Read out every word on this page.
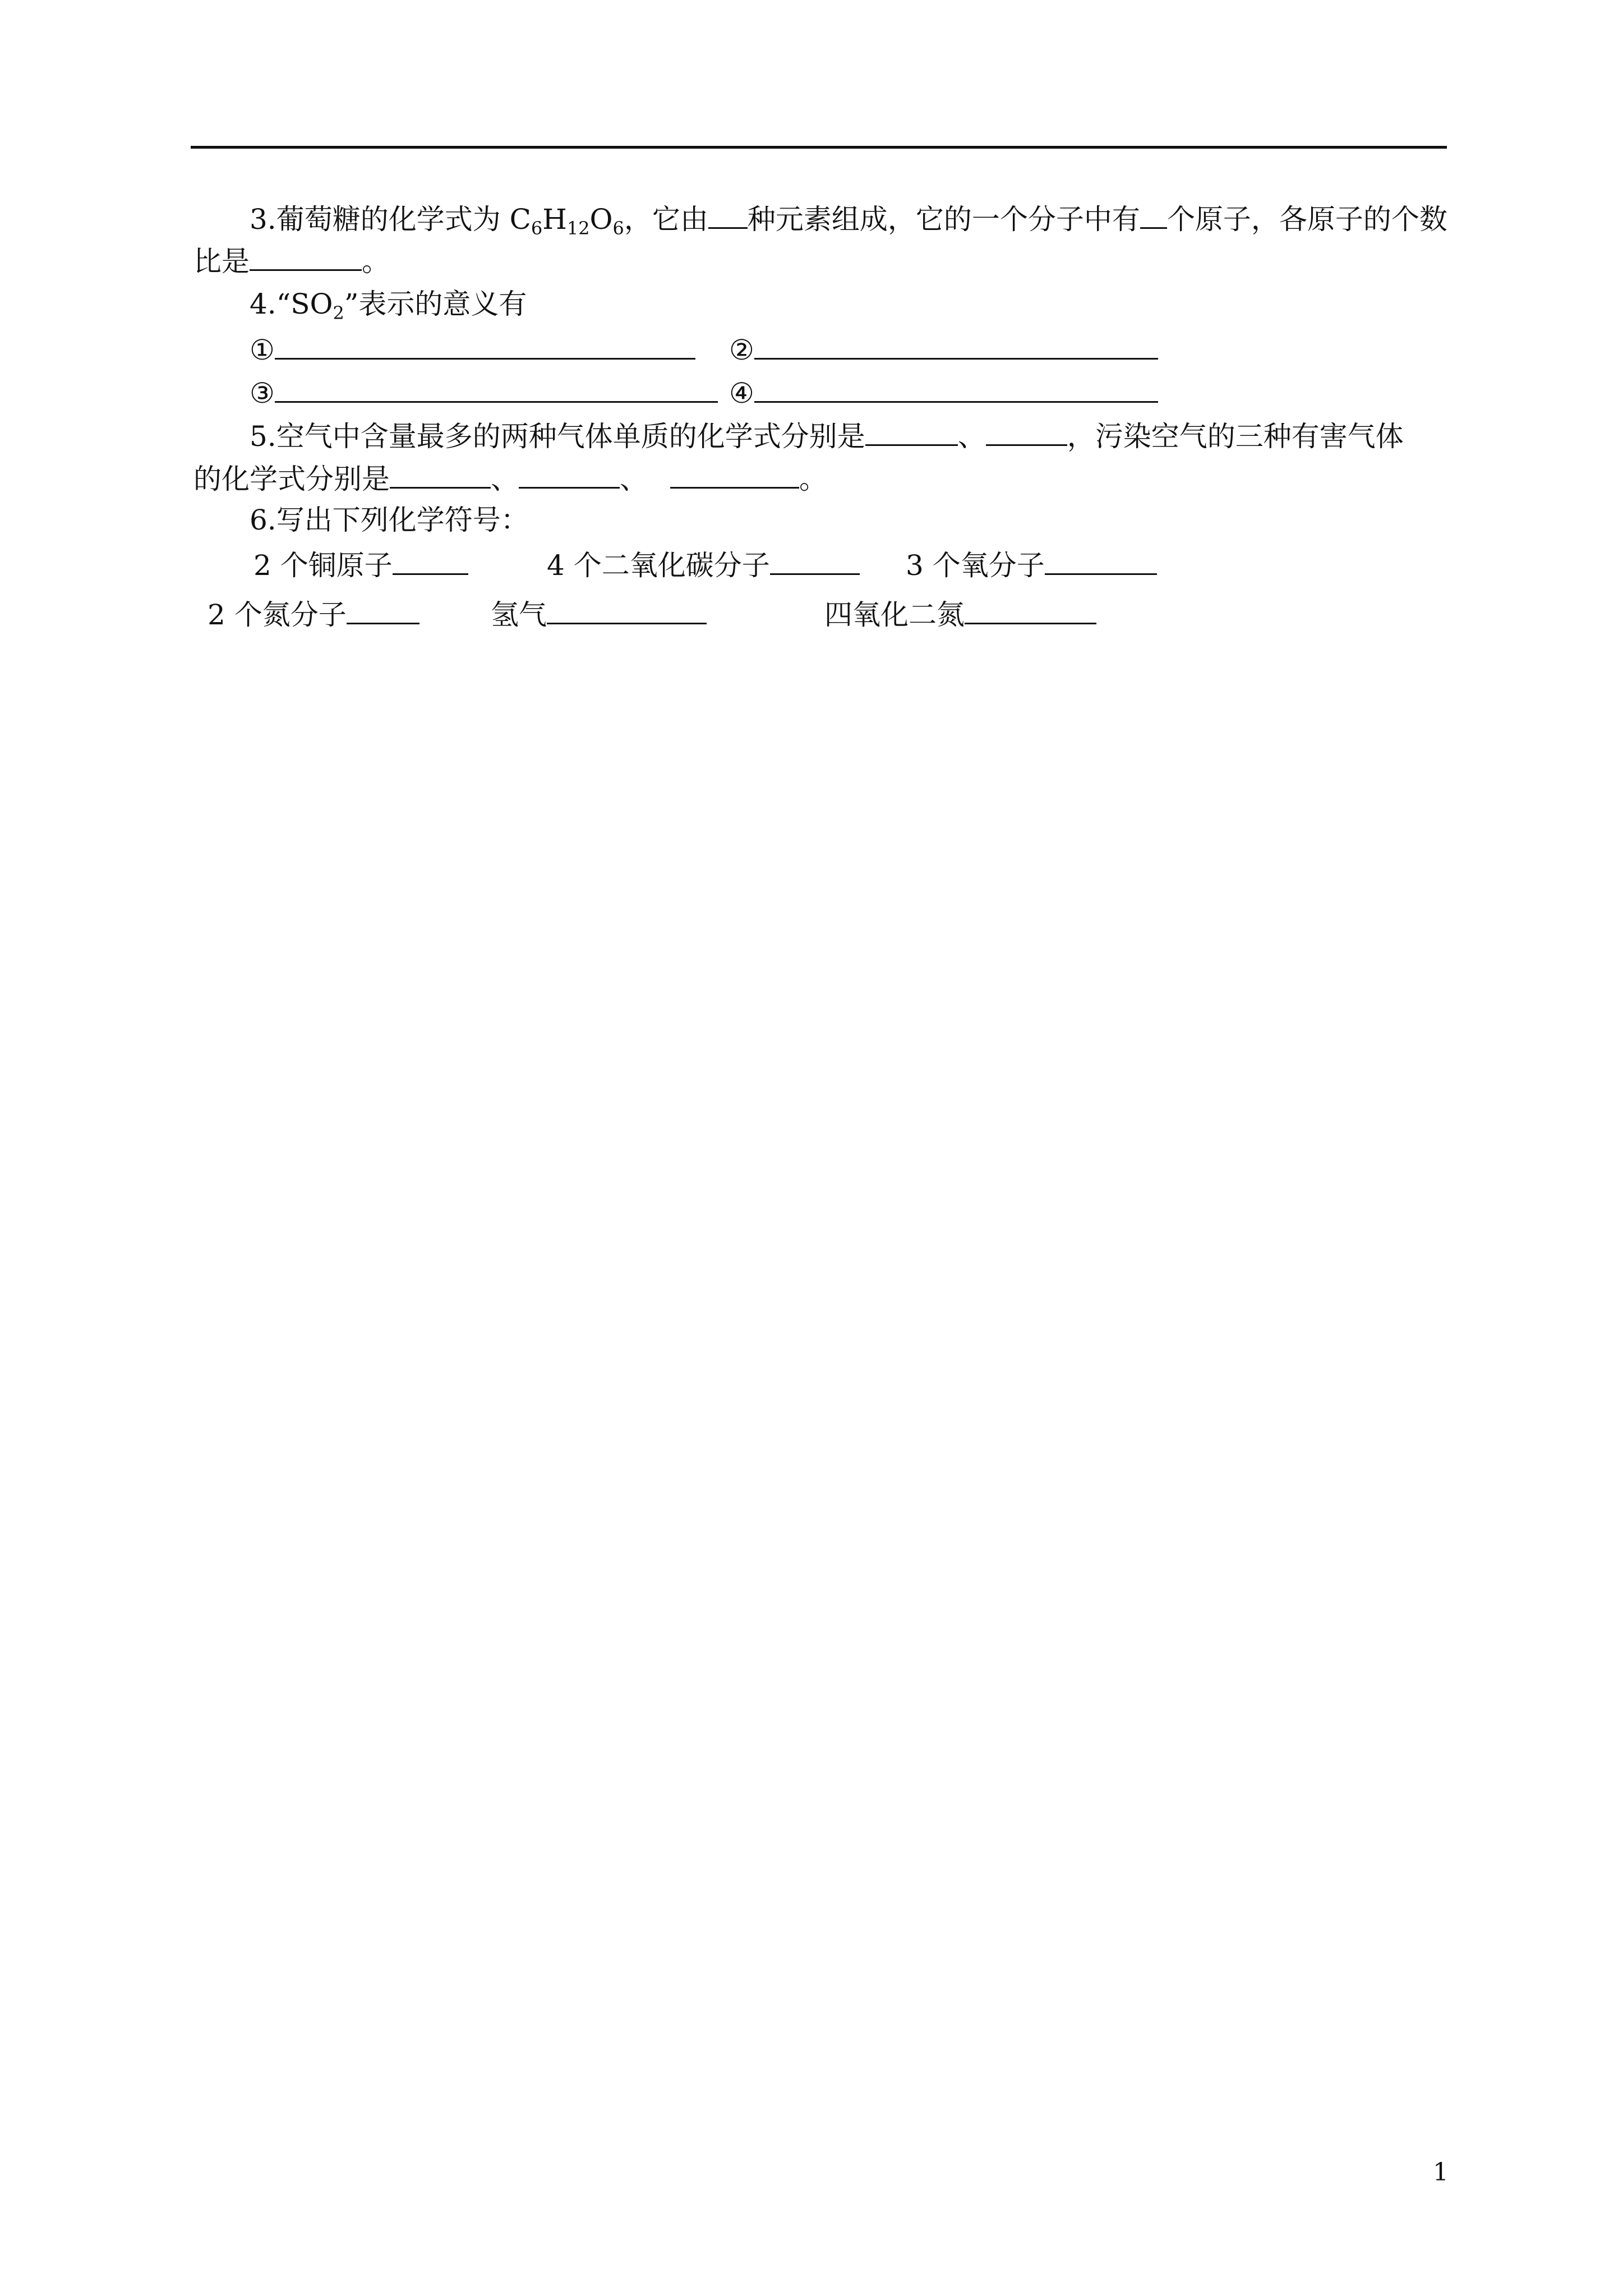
3.葡萄糖的化学式为 $C_6H_{12}O_6$，它由 种元素组成，它的一个分子中有 个原子，各原子的个数
比是	。
$4.“SO_2$”表示的意义有
①	②
③	④
5.空气中含量最多的两种气体单质的化学式分别是	、	，污染空气的三种有害气体
的化学式分别是	、	、	。
6.写出下列化学符号：
2 个铜原子	4 个二氧化碳分子	3 个氧分子
2 个氮分子	氢气	四氧化二氮
1
